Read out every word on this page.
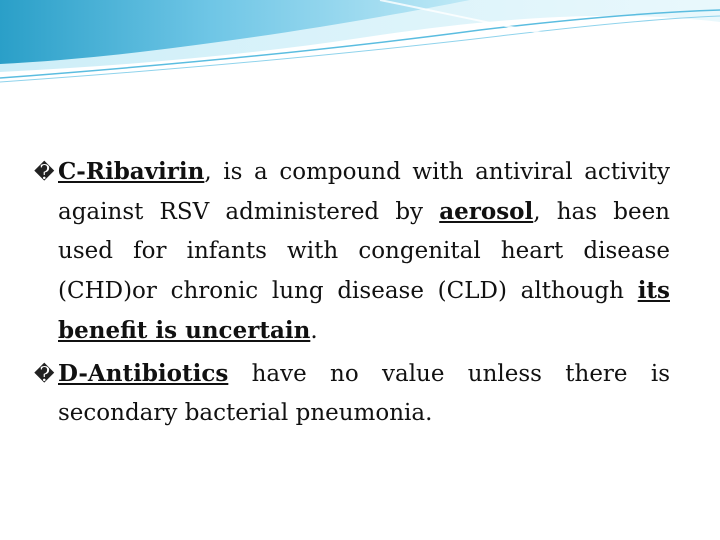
� C-Ribavirin, is a compound with antiviral activity against RSV administered by aerosol, has been used for infants with congenital heart disease (CHD)or chronic lung disease (CLD) although its benefit is uncertain.

� D-Antibiotics have no value unless there is secondary bacterial pneumonia.
